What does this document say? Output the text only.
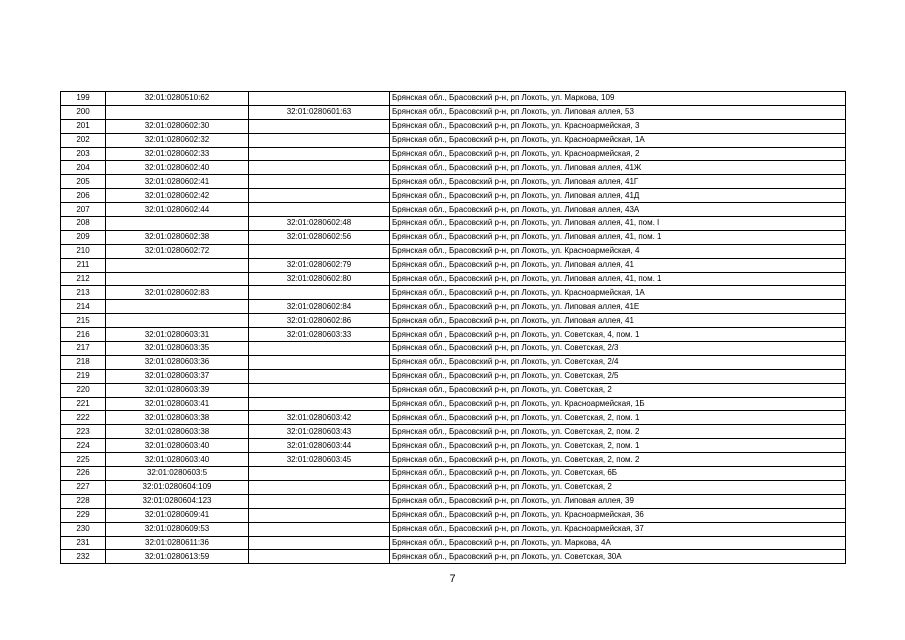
199	32:01:0280510:62		Брянская обл., Брасовский р-н, рп Локоть, ул. Маркова, 109
200		32:01:0280601:63	Брянская обл., Брасовский р-н, рп Локоть, ул. Липовая аллея, 53
201	32:01:0280602:30		Брянская обл., Брасовский р-н, рп Локоть, ул. Красноармейская, 3
202	32:01:0280602:32		Брянская обл., Брасовский р-н, рп Локоть, ул. Красноармейская, 1А
203	32:01:0280602:33		Брянская обл., Брасовский р-н, рп Локоть, ул. Красноармейская, 2
204	32:01:0280602:40		Брянская обл., Брасовский р-н, рп Локоть, ул. Липовая аллея, 41Ж
205	32:01:0280602:41		Брянская обл., Брасовский р-н, рп Локоть, ул. Липовая аллея, 41Г
206	32:01:0280602:42		Брянская обл., Брасовский р-н, рп Локоть, ул. Липовая аллея, 41Д
207	32:01:0280602:44		Брянская обл., Брасовский р-н, рп Локоть, ул. Липовая аллея, 43А
208		32:01:0280602:48	Брянская обл., Брасовский р-н, рп Локоть, ул. Липовая аллея, 41, пом. I
209	32:01:0280602:38	32:01:0280602:56	Брянская обл., Брасовский р-н, рп Локоть, ул. Липовая аллея, 41, пом. 1
210	32:01:0280602:72		Брянская обл., Брасовский р-н, рп Локоть, ул. Красноармейская, 4
211		32:01:0280602:79	Брянская обл., Брасовский р-н, рп Локоть, ул. Липовая аллея, 41
212		32:01:0280602:80	Брянская обл., Брасовский р-н, рп Локоть, ул. Липовая аллея, 41, пом. 1
213	32:01:0280602:83		Брянская обл., Брасовский р-н, рп Локоть, ул. Красноармейская, 1А
214		32:01:0280602:84	Брянская обл., Брасовский р-н, рп Локоть, ул. Липовая аллея, 41Е
215		32:01:0280602:86	Брянская обл., Брасовский р-н, рп Локоть, ул. Липовая аллея, 41
216	32:01:0280603:31	32:01:0280603:33	Брянская обл , Брасовский р-н, рп Локоть, ул. Советская, 4, пом. 1
217	32:01:0280603:35		Брянская обл., Брасовский р-н, рп Локоть, ул. Советская, 2/3
218	32:01:0280603:36		Брянская обл., Брасовский р-н, рп Локоть, ул. Советская, 2/4
219	32:01:0280603:37		Брянская обл., Брасовский р-н, рп Локоть, ул. Советская, 2/5
220	32:01:0280603:39		Брянская обл., Брасовский р-н, рп Локоть, ул. Советская, 2
221	32:01:0280603:41		Брянская обл., Брасовский р-н, рп Локоть, ул. Красноармейская, 1Б
222	32:01:0280603:38	32:01:0280603:42	Брянская обл., Брасовский р-н, рп Локоть, ул. Советская, 2, пом. 1
223	32:01:0280603:38	32:01:0280603:43	Брянская обл., Брасовский р-н, рп Локоть, ул. Советская, 2, пом. 2
224	32:01:0280603:40	32:01:0280603:44	Брянская обл., Брасовский р-н, рп Локоть, ул. Советская, 2, пом. 1
225	32:01:0280603:40	32:01:0280603:45	Брянская обл., Брасовский р-н, рп Локоть, ул. Советская, 2, пом. 2
226	32:01:0280603:5		Брянская обл., Брасовский р-н, рп Локоть, ул. Советская, 6Б
227	32:01:0280604:109		Брянская обл., Брасовский р-н, рп Локоть, ул. Советская, 2
228	32:01:0280604:123		Брянская обл., Брасовский р-н, рп Локоть, ул. Липовая аллея, 39
229	32:01:0280609:41		Брянская обл., Брасовский р-н, рп Локоть, ул. Красноармейская, 36
230	32:01:0280609:53		Брянская обл., Брасовский р-н, рп Локоть, ул. Красноармейская, 37
231	32:01:0280611:36		Брянская обл., Брасовский р-н, рп Локоть, ул. Маркова, 4А
232	32:01:0280613:59		Брянская обл., Брасовский р-н, рп Локоть, ул. Советская, 30А
7
